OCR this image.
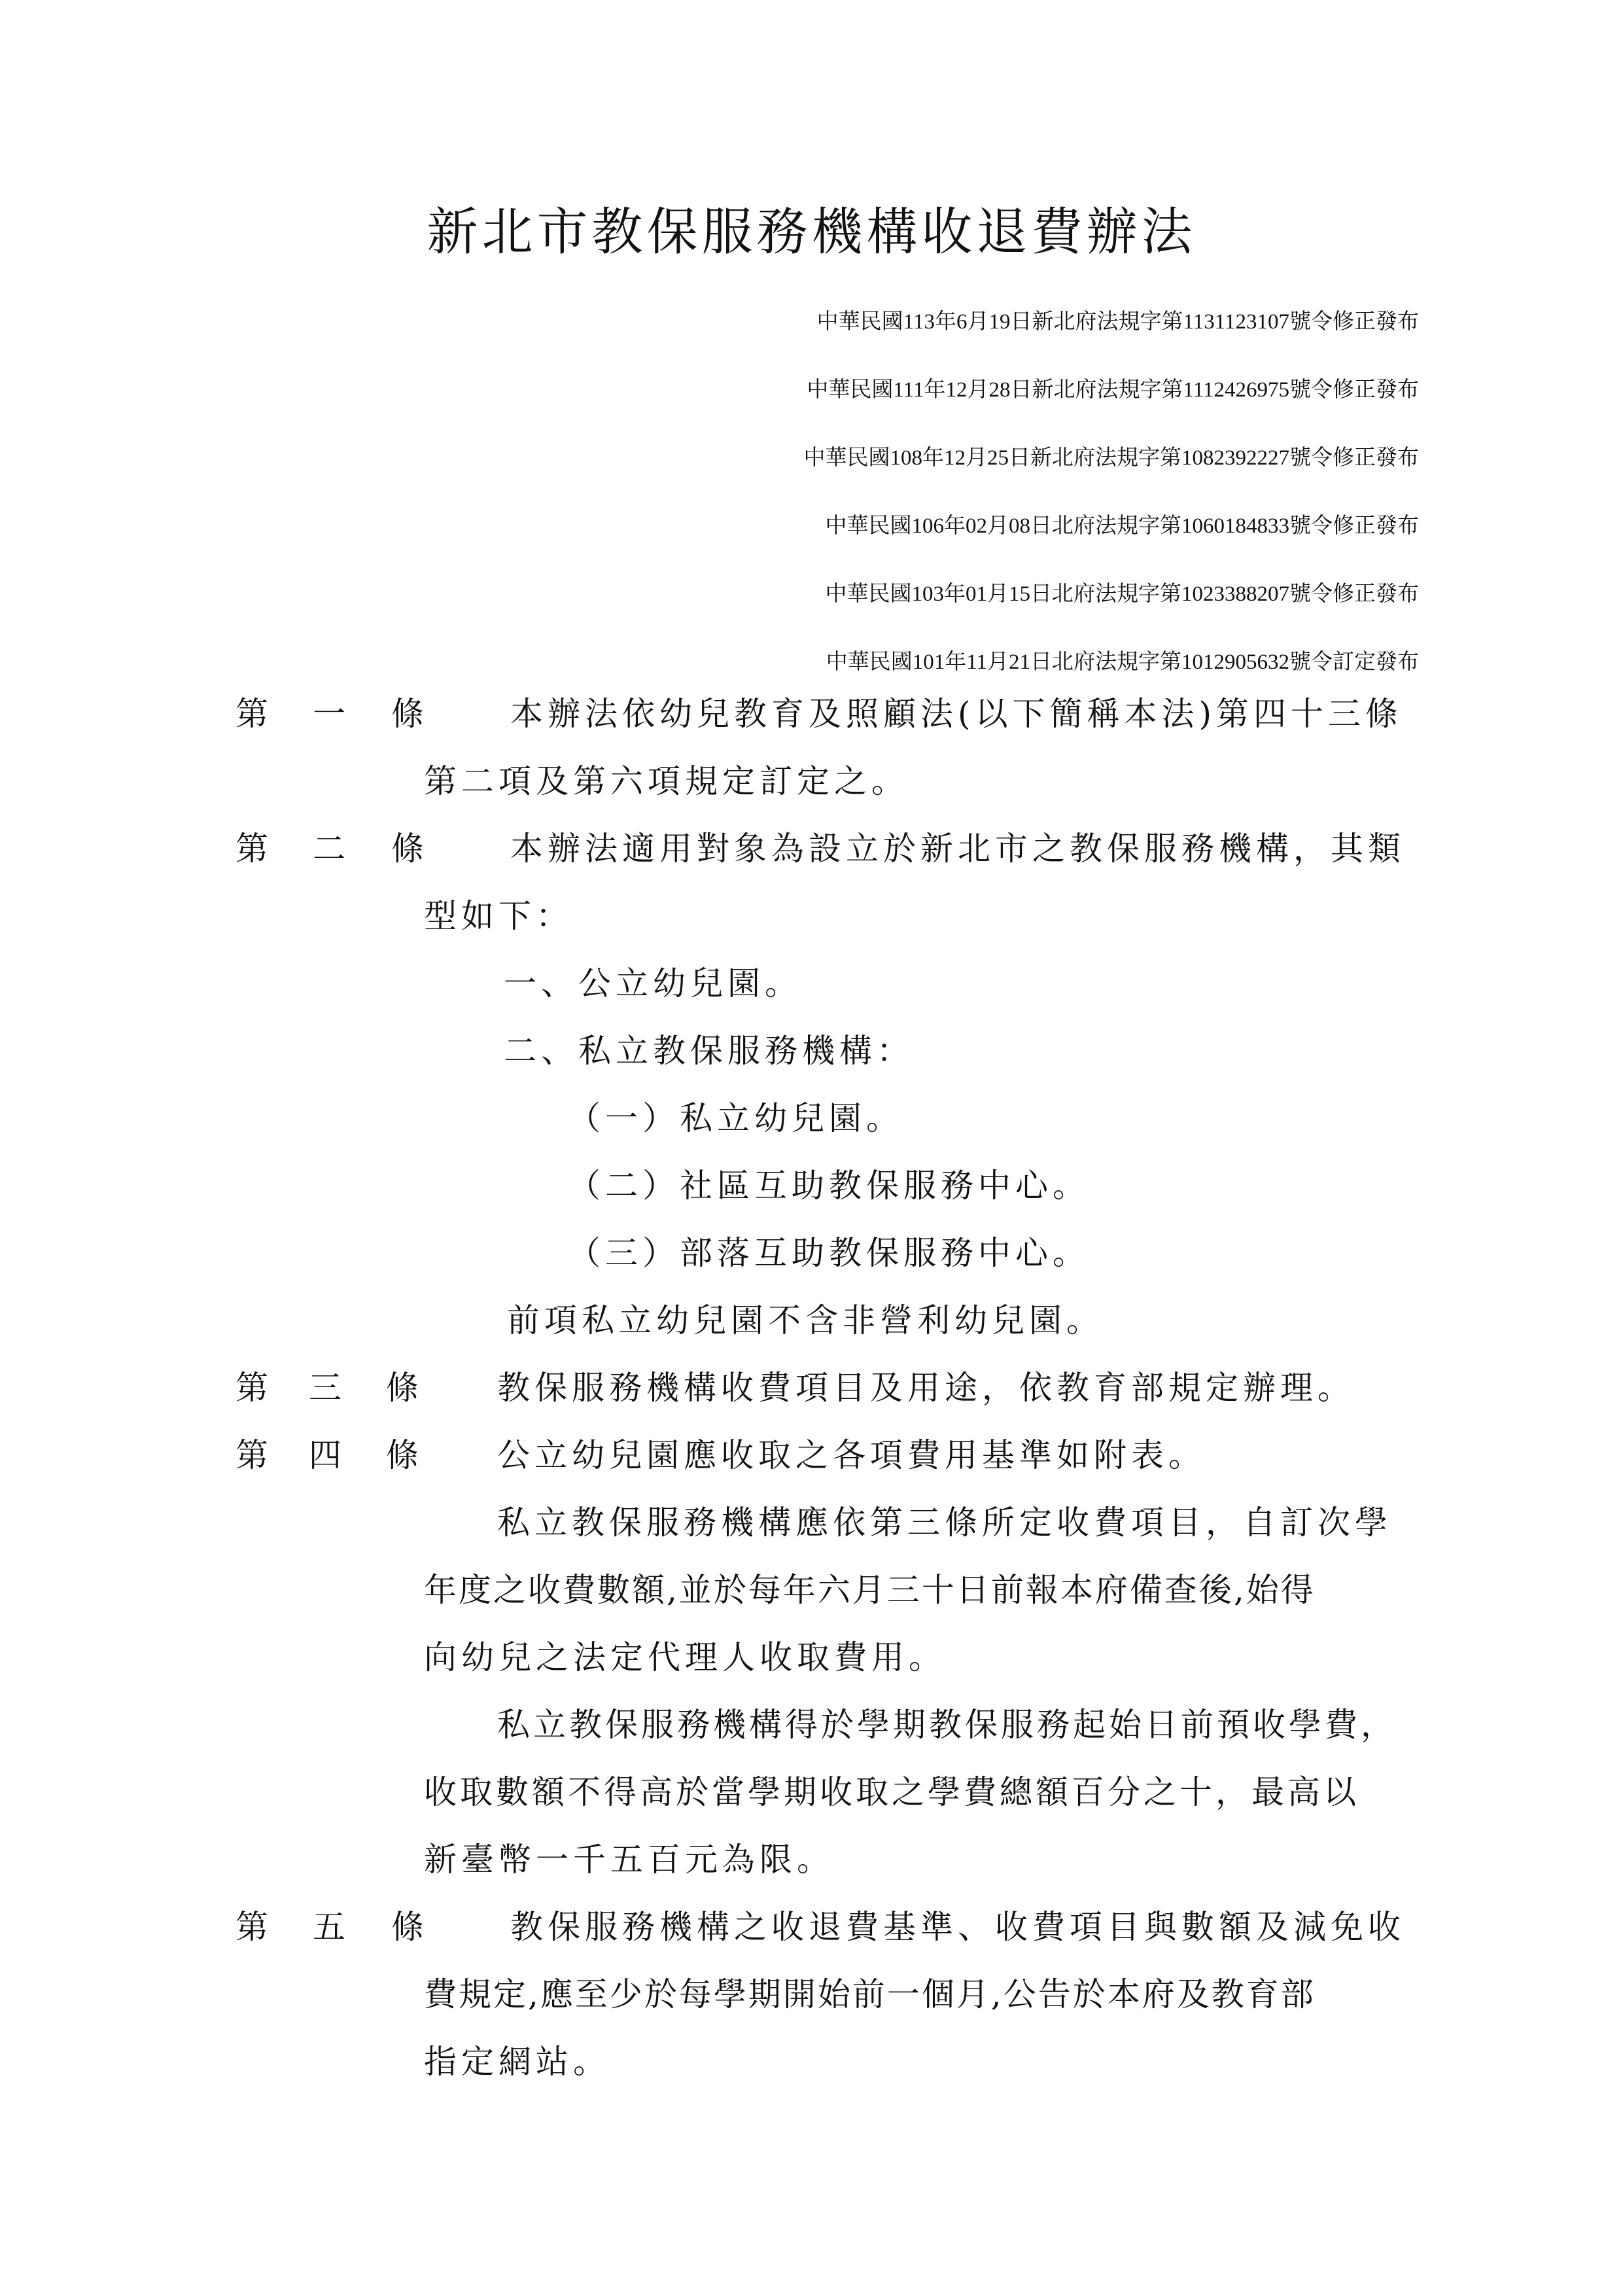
新北市教保服務機構收退費辦法
中華民國113年6月19日新北府法規字第1131123107號令修正發布
中華民國111年12月28日新北府法規字第1112426975號令修正發布
中華民國108年12月25日新北府法規字第1082392227號令修正發布
中華民國106年02月08日北府法規字第1060184833號令修正發布
中華民國103年01月15日北府法規字第1023388207號令修正發布
中華民國101年11月21日北府法規字第1012905632號令訂定發布
第 一 條	本辦法依幼兒教育及照顧法(以下簡稱本法)第四十三條
第二項及第六項規定訂定之。
第 二 條	本辦法適用對象為設立於新北市之教保服務機構，其類
型如下：
一、公立幼兒園。
二、私立教保服務機構：
（一）私立幼兒園。
（二）社區互助教保服務中心。
（三）部落互助教保服務中心。
前項私立幼兒園不含非營利幼兒園。
第 三 條 教保服務機構收費項目及用途，依教育部規定辦理。
第 四 條 公立幼兒園應收取之各項費用基準如附表。
私立教保服務機構應依第三條所定收費項目，自訂次學
年度之收費數額,並於每年六月三十日前報本府備查後,始得
向幼兒之法定代理人收取費用。
私立教保服務機構得於學期教保服務起始日前預收學費，
收取數額不得高於當學期收取之學費總額百分之十，最高以
新臺幣一千五百元為限。
第 五 條	教保服務機構之收退費基準、收費項目與數額及減免收
費規定,應至少於每學期開始前一個月,公告於本府及教育部
指定網站。
